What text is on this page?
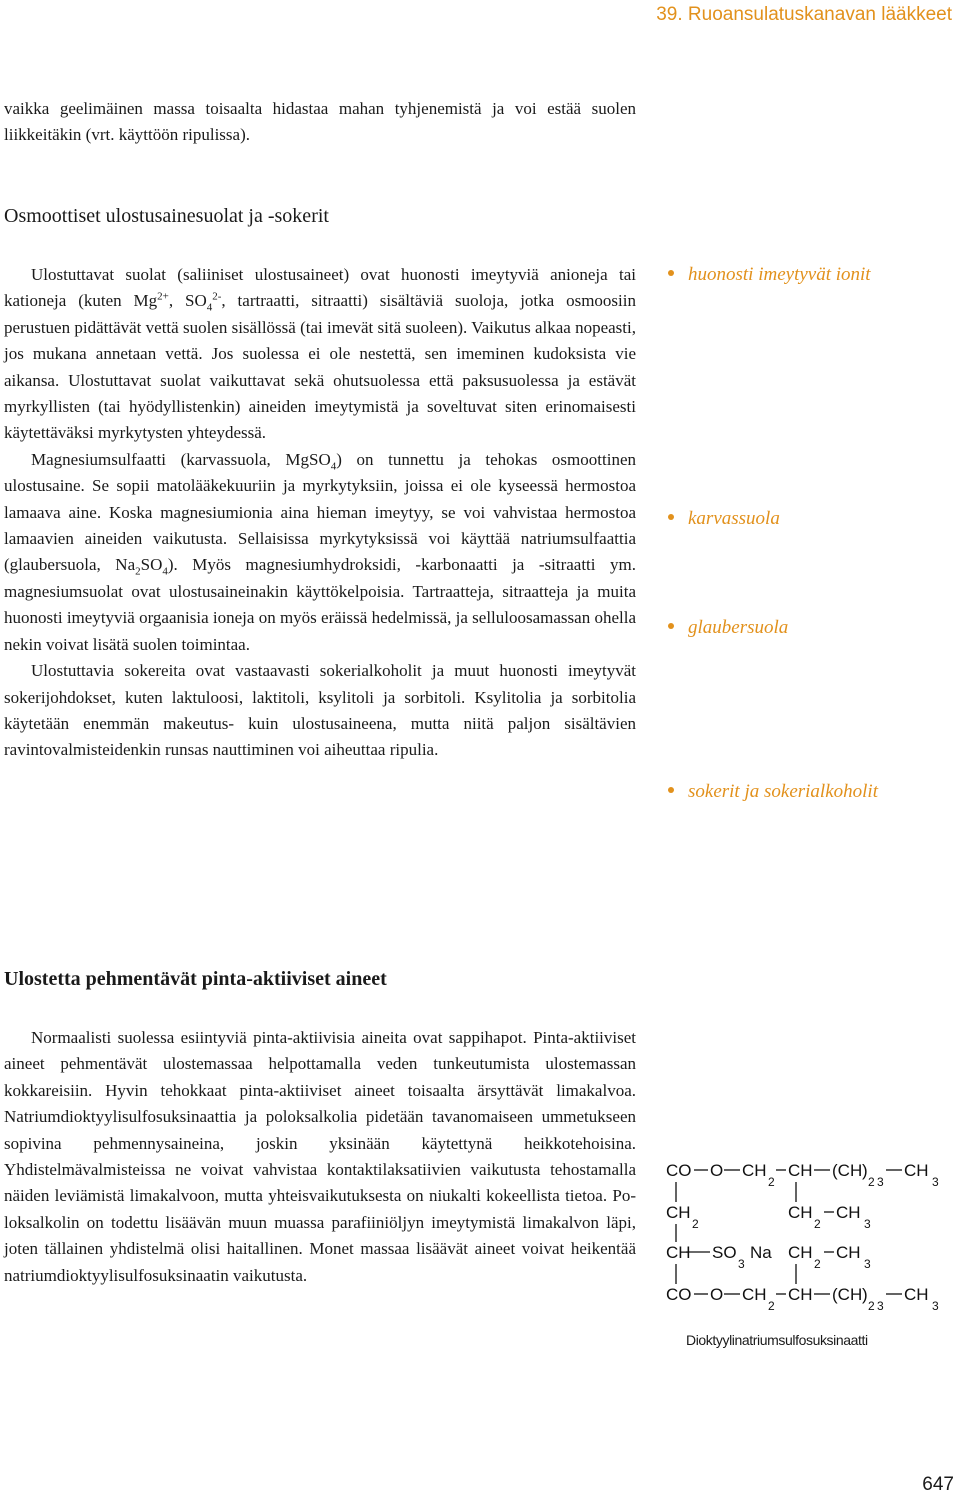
39. Ruoansulatuskanavan lääkkeet

vaikka geelimäinen massa toisaalta hidastaa mahan tyhjenemistä ja voi estää suolen liikkeitäkin (vrt. käyttöön ripulissa).

Osmoottiset ulostusainesuolat ja -sokerit

Ulostuttavat suolat (saliiniset ulostusaineet) ovat huonosti imeytyviä anioneja tai kationeja (kuten $Mg^{2+}$, $SO_4^{2-}$, tartraatti, sitraatti) sisältäviä suoloja, jotka osmoosiin perustuen pidättävät vettä suolen sisällössä (tai imevät sitä suoleen). Vaikutus alkaa nopeasti, jos mukana annetaan vettä. Jos suolessa ei ole nestettä, sen imeminen kudoksista vie aikansa. Ulostuttavat suolat vaikuttavat sekä ohutsuolessa että paksusuolessa ja estävät myrkyllisten (tai hyödyllistenkin) aineiden imeytymistä ja soveltuvat siten erinomaisesti käytettäväksi myrkytysten yhteydessä.

Magnesiumsulfaatti (karvassuola, MgSO$_4$) on tunnettu ja tehokas osmoottinen ulostusaine. Se sopii matolääkekuuriin ja myrkytyksiin, joissa ei ole kyseessä hermostoa lamaava aine. Koska magnesiumionia aina hieman imeytyy, se voi vahvistaa hermostoa lamaavien aineiden vaikutusta. Sellaisissa myrkytyksissä voi käyttää natriumsulfaattia (glaubersuola, $Na_2SO_4$). Myös magnesiumhydroksidi, -karbonaatti ja -sitraatti ym. magnesiumsuolat ovat ulostusaineinakin käyttökelpoisia. Tartraatteja, sitraatteja ja muita huonosti imeytyviä orgaanisia ioneja on myös eräissä hedelmissä, ja selluloosamassan ohella nekin voivat lisätä suolen toimintaa.

Ulostuttavia sokereita ovat vastaavasti sokerialkoholit ja muut huonosti imeytyvät sokerijohdokset, kuten laktuloosi, laktitoli, ksylitoli ja sorbitoli. Ksylitolia ja sorbitolia käytetään enemmän makeutus- kuin ulostusaineena, mutta niitä paljon sisältävien ravintovalmisteidenkin runsas nauttiminen voi aiheuttaa ripulia.

huonosti imeytyvät ionit
karvassuola
glaubersuola
sokerit ja sokerialkoholit
Ulostetta pehmentävät pinta-aktiiviset aineet

Normaalisti suolessa esiintyviä pinta-aktiivisia aineita ovat sappihapot. Pinta-aktiiviset aineet pehmentävät ulostemassaa helpottamalla veden tunkeutumista ulostemassan kokkareisiin. Hyvin tehokkaat pinta-aktiiviset aineet toisaalta ärsyttävät limakalvoa. Natriumdioktyylisulfosuksinaattia ja poloksalkolia pidetään tavanomaiseen ummetukseen sopivina pehmennysaineina, joskin yksinään käytettynä heikkotehoisina. Yhdistelmävalmisteissa ne voivat vahvistaa kontaktilaksatiivien vaikutusta tehostamalla näiden leviämistä limakalvoon, mutta yhteisvaikutuksesta on niukalti kokeellista tietoa. Poloksalkolin on todettu lisäävän muun muassa parafiiniöljyn imeytymistä limakalvon läpi, joten tällainen yhdistelmä olisi haitallinen. Monet massaa lisäävät aineet voivat heikentää natriumdioktyylisulfosuksinaatin vaikutusta.

CO O CH
2
CH (CH
2
)
3
CH
3
CH
2
CH
2
CH
3
CH SO
3
Na CH
2
CH
3
CO O CH
2
CH (CH
2
)
3
CH
3
Dioktyylinatriumsulfosuksinaatti
647
